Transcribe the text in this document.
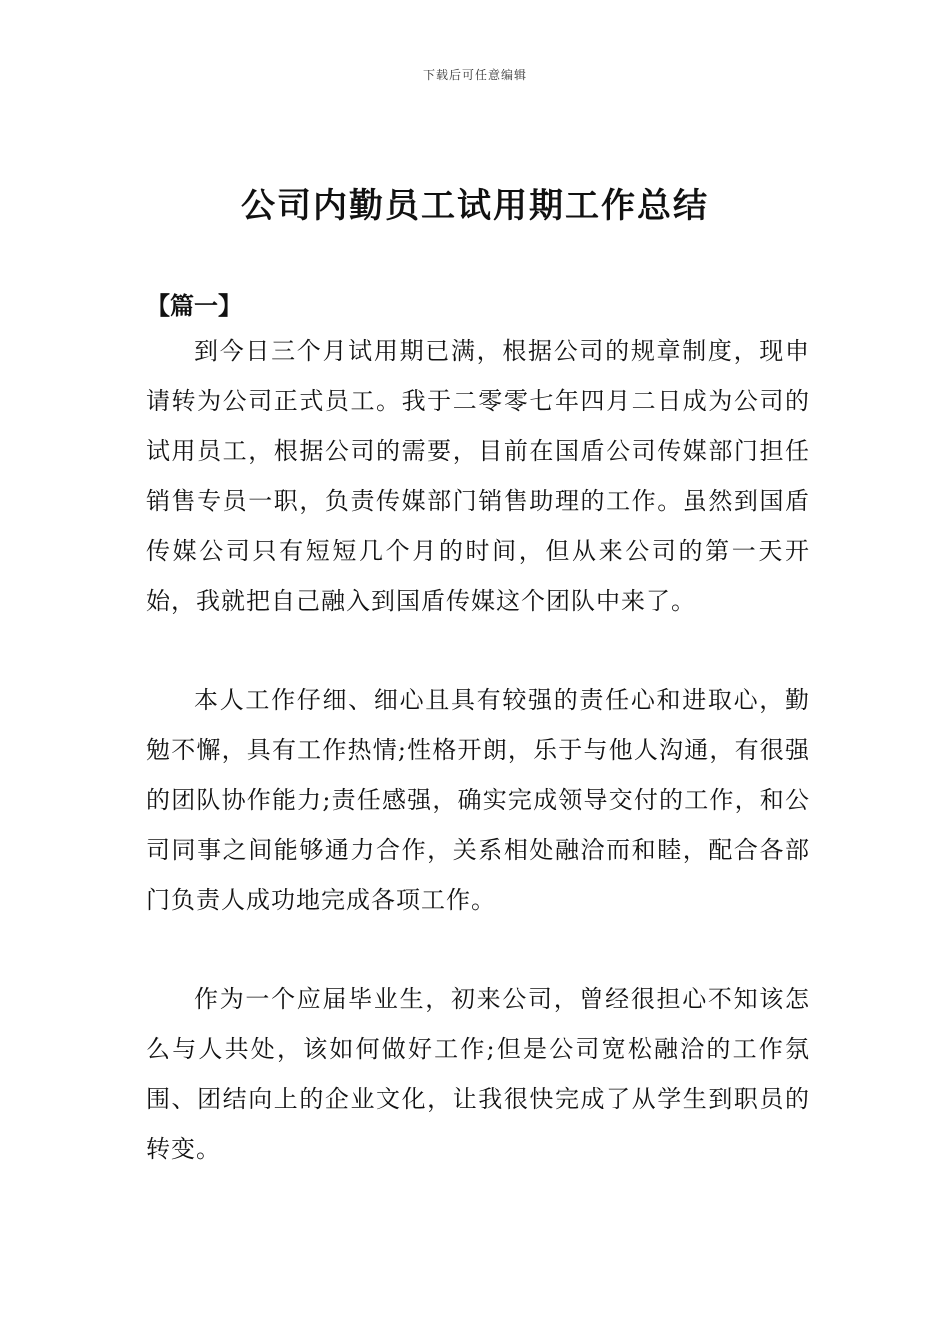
下载后可任意编辑
公司内勤员工试用期工作总结

【篇一】

到今日三个月试用期已满，根据公司的规章制度，现申请转为公司正式员工。我于二零零七年四月二日成为公司的试用员工，根据公司的需要，目前在国盾公司传媒部门担任销售专员一职，负责传媒部门销售助理的工作。虽然到国盾传媒公司只有短短几个月的时间，但从来公司的第一天开始，我就把自己融入到国盾传媒这个团队中来了。

本人工作仔细、细心且具有较强的责任心和进取心，勤勉不懈，具有工作热情;性格开朗，乐于与他人沟通，有很强的团队协作能力;责任感强，确实完成领导交付的工作，和公司同事之间能够通力合作，关系相处融洽而和睦，配合各部门负责人成功地完成各项工作。

作为一个应届毕业生，初来公司，曾经很担心不知该怎么与人共处，该如何做好工作;但是公司宽松融洽的工作氛围、团结向上的企业文化，让我很快完成了从学生到职员的转变。
